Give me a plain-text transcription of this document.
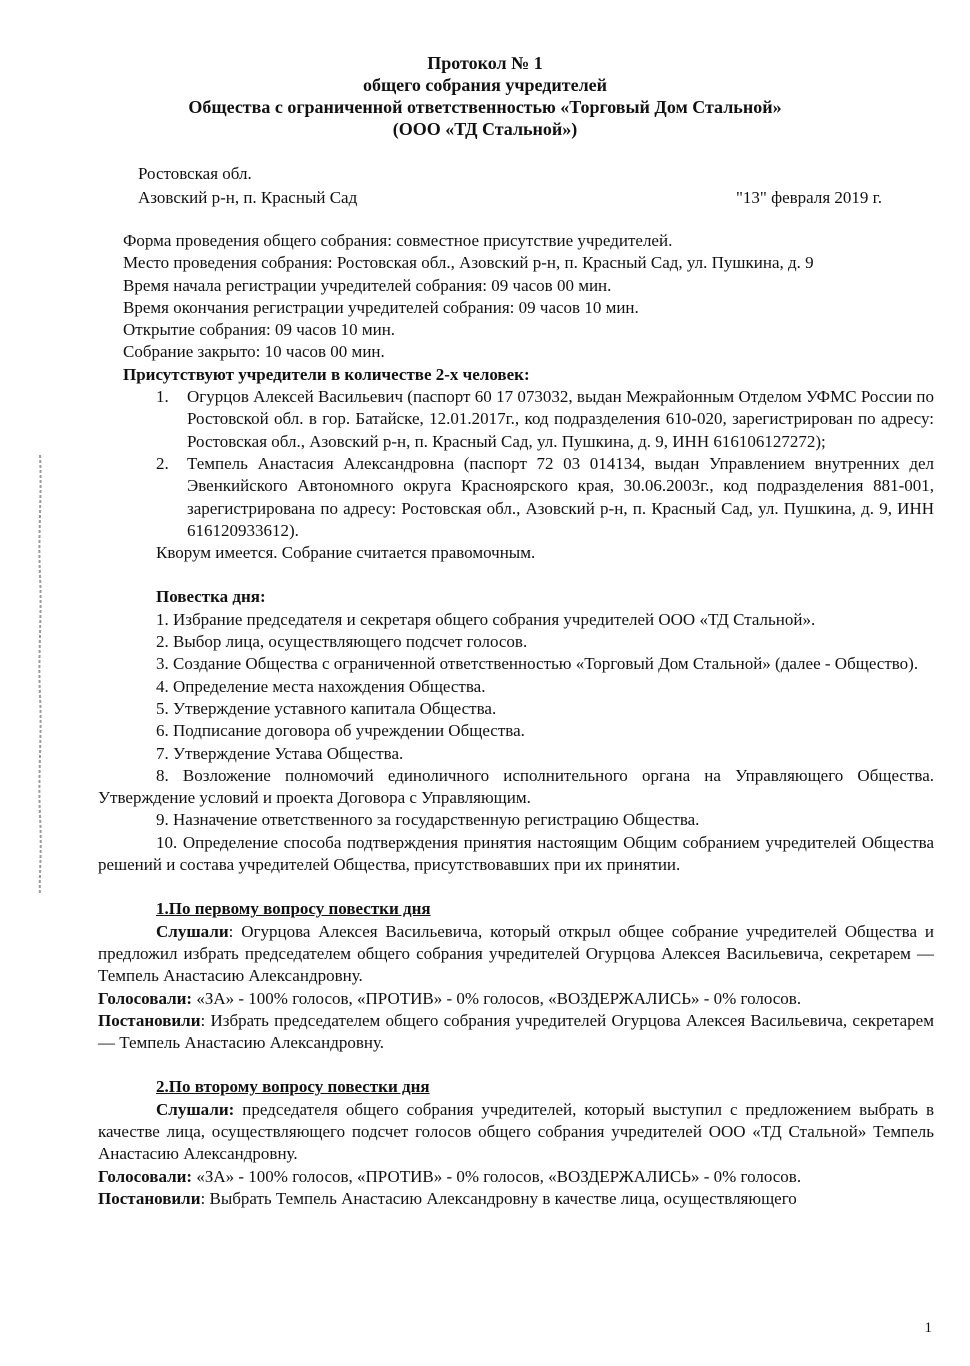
Протокол № 1
общего собрания учредителей
Общества с ограниченной ответственностью «Торговый Дом Стальной»
(ООО «ТД Стальной»)
Ростовская обл.
Азовский р-н, п. Красный Сад	"13" февраля 2019 г.
Форма проведения общего собрания: совместное присутствие учредителей.
Место проведения собрания: Ростовская обл., Азовский р-н, п. Красный Сад, ул. Пушкина, д. 9
Время начала регистрации учредителей собрания: 09 часов 00 мин.
Время окончания регистрации учредителей собрания: 09 часов 10 мин.
Открытие собрания: 09 часов 10 мин.
Собрание закрыто: 10 часов 00 мин.
Присутствуют учредители в количестве 2-х человек:
1.	Огурцов Алексей Васильевич (паспорт 60 17 073032, выдан Межрайонным Отделом УФМС России по Ростовской обл. в гор. Батайске, 12.01.2017г., код подразделения 610-020, зарегистрирован по адресу: Ростовская обл., Азовский р-н, п. Красный Сад, ул. Пушкина, д. 9, ИНН 616106127272);
2.	Темпель Анастасия Александровна (паспорт 72 03 014134, выдан Управлением внутренних дел Эвенкийского Автономного округа Красноярского края, 30.06.2003г., код подразделения 881-001, зарегистрирована по адресу: Ростовская обл., Азовский р-н, п. Красный Сад, ул. Пушкина, д. 9, ИНН 616120933612).
Кворум имеется. Собрание считается правомочным.
Повестка дня:
1. Избрание председателя и секретаря общего собрания учредителей ООО «ТД Стальной».
2. Выбор лица, осуществляющего подсчет голосов.
3. Создание Общества с ограниченной ответственностью «Торговый Дом Стальной» (далее - Общество).
4. Определение места нахождения Общества.
5. Утверждение уставного капитала Общества.
6. Подписание договора об учреждении Общества.
7. Утверждение Устава Общества.
8. Возложение полномочий единоличного исполнительного органа на Управляющего Общества. Утверждение условий и проекта Договора с Управляющим.
9. Назначение ответственного за государственную регистрацию Общества.
10. Определение способа подтверждения принятия настоящим Общим собранием учредителей Общества решений и состава учредителей Общества, присутствовавших при их принятии.
1.По первому вопросу повестки дня
Слушали: Огурцова Алексея Васильевича, который открыл общее собрание учредителей Общества и предложил избрать председателем общего собрания учредителей Огурцова Алексея Васильевича, секретарем — Темпель Анастасию Александровну.
Голосовали: «ЗА» - 100% голосов, «ПРОТИВ» - 0% голосов, «ВОЗДЕРЖАЛИСЬ» - 0% голосов.
Постановили: Избрать председателем общего собрания учредителей Огурцова Алексея Васильевича, секретарем — Темпель Анастасию Александровну.
2.По второму вопросу повестки дня
Слушали: председателя общего собрания учредителей, который выступил с предложением выбрать в качестве лица, осуществляющего подсчет голосов общего собрания учредителей ООО «ТД Стальной» Темпель Анастасию Александровну.
Голосовали: «ЗА» - 100% голосов, «ПРОТИВ» - 0% голосов, «ВОЗДЕРЖАЛИСЬ» - 0% голосов.
Постановили: Выбрать Темпель Анастасию Александровну в качестве лица, осуществляющего
1
